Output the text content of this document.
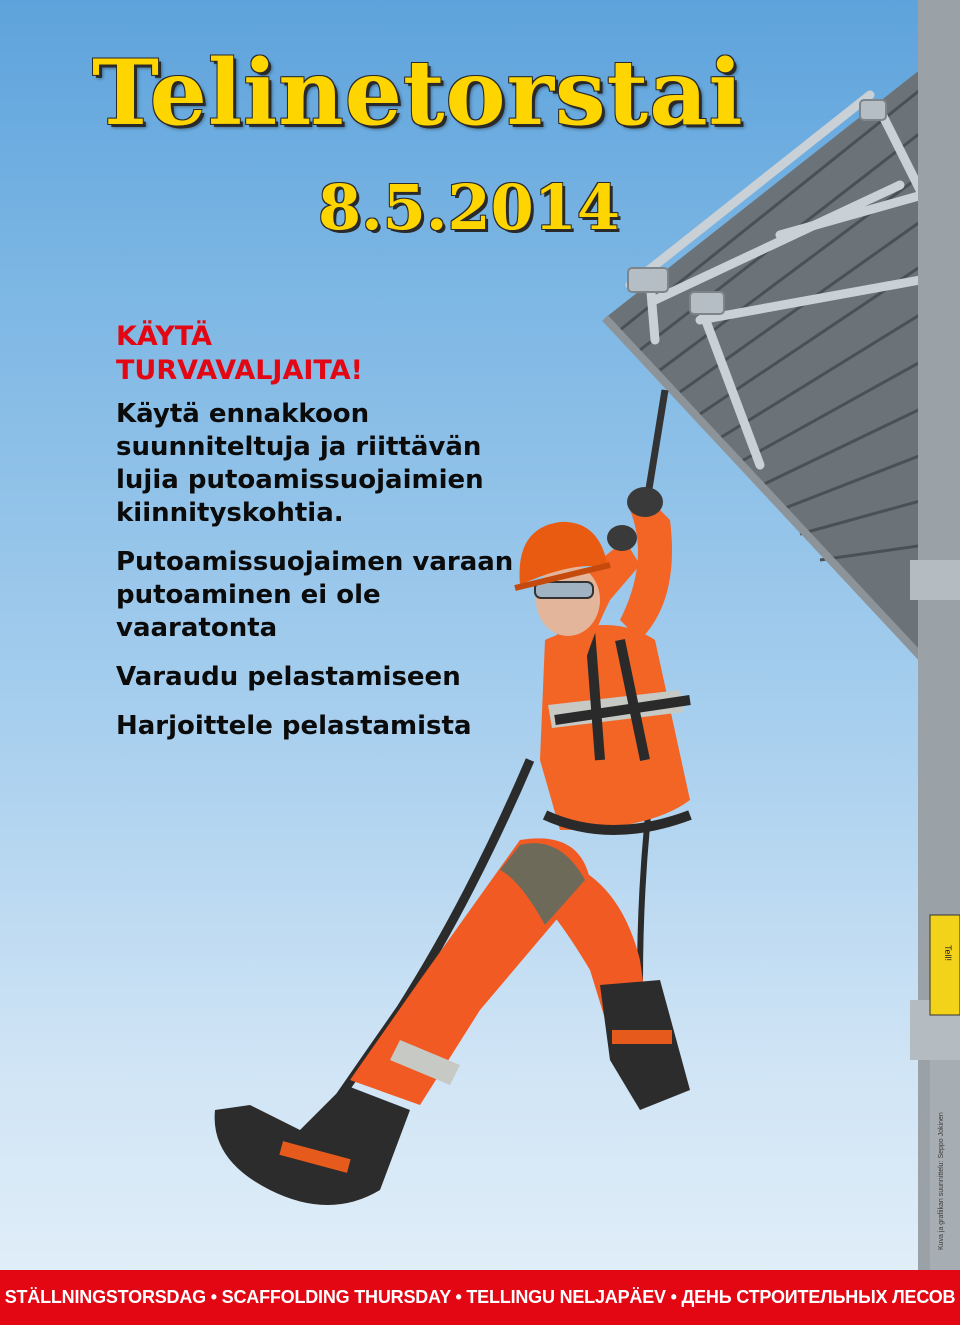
Tell!
Telinetorstai
8.5.2014
KÄYTÄ
TURVAVALJAITA!

Käytä ennakkoon suunniteltuja ja riittävän lujia putoamissuojaimien kiinnityskohtia.

Putoamissuojaimen varaan putoaminen ei ole vaaratonta

Varaudu pelastamiseen

Harjoittele pelastamista

Kuva ja grafiikan suunnittelu: Seppo Jokinen
STÄLLNINGSTORSDAG • SCAFFOLDING THURSDAY • TELLINGU NELJAPÄEV • ДЕНЬ СТРОИТЕЛЬНЫХ ЛЕСОВ
